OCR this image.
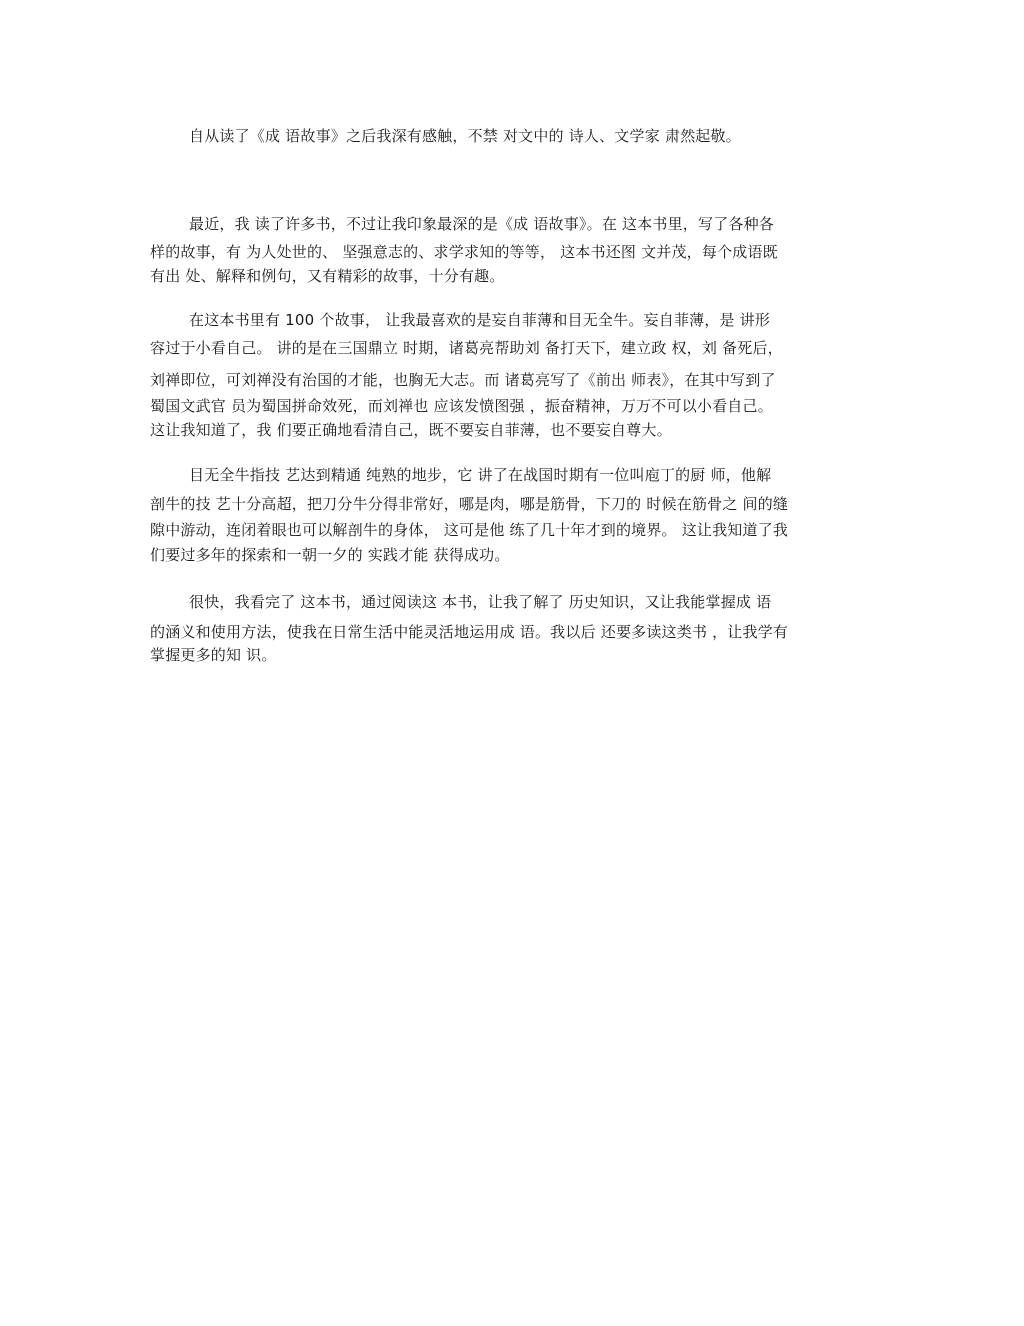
自从读了《成 语故事》之后我深有感触，不禁 对文中的 诗人、文学家 肃然起敬。
最近，我 读了许多书，不过让我印象最深的是《成 语故事》。在 这本书里，写了各种各
样的故事，有 为人处世的、 坚强意志的、求学求知的等等， 这本书还图 文并茂，每个成语既
有出 处、解释和例句，又有精彩的故事，十分有趣。
在这本书里有 100 个故事， 让我最喜欢的是妄自菲薄和目无全牛。妄自菲薄，是 讲形
容过于小看自己。 讲的是在三国鼎立 时期，诸葛亮帮助刘 备打天下，建立政 权，刘 备死后，
刘禅即位，可刘禅没有治国的才能，也胸无大志。而 诸葛亮写了《前出 师表》，在其中写到了
蜀国文武官 员为蜀国拼命效死，而刘禅也 应该发愤图强 ，振奋精神，万万不可以小看自己。
这让我知道了，我 们要正确地看清自己，既不要妄自菲薄，也不要妄自尊大。
目无全牛指技 艺达到精通 纯熟的地步，它 讲了在战国时期有一位叫庖丁的厨 师，他解
剖牛的技 艺十分高超，把刀分牛分得非常好，哪是肉，哪是筋骨，下刀的 时候在筋骨之 间的缝
隙中游动，连闭着眼也可以解剖牛的身体， 这可是他 练了几十年才到的境界。 这让我知道了我
们要过多年的探索和一朝一夕的 实践才能 获得成功。
很快，我看完了 这本书，通过阅读这 本书，让我了解了 历史知识，又让我能掌握成 语
的涵义和使用方法，使我在日常生活中能灵活地运用成 语。我以后 还要多读这类书 ，让我学有
掌握更多的知 识。
